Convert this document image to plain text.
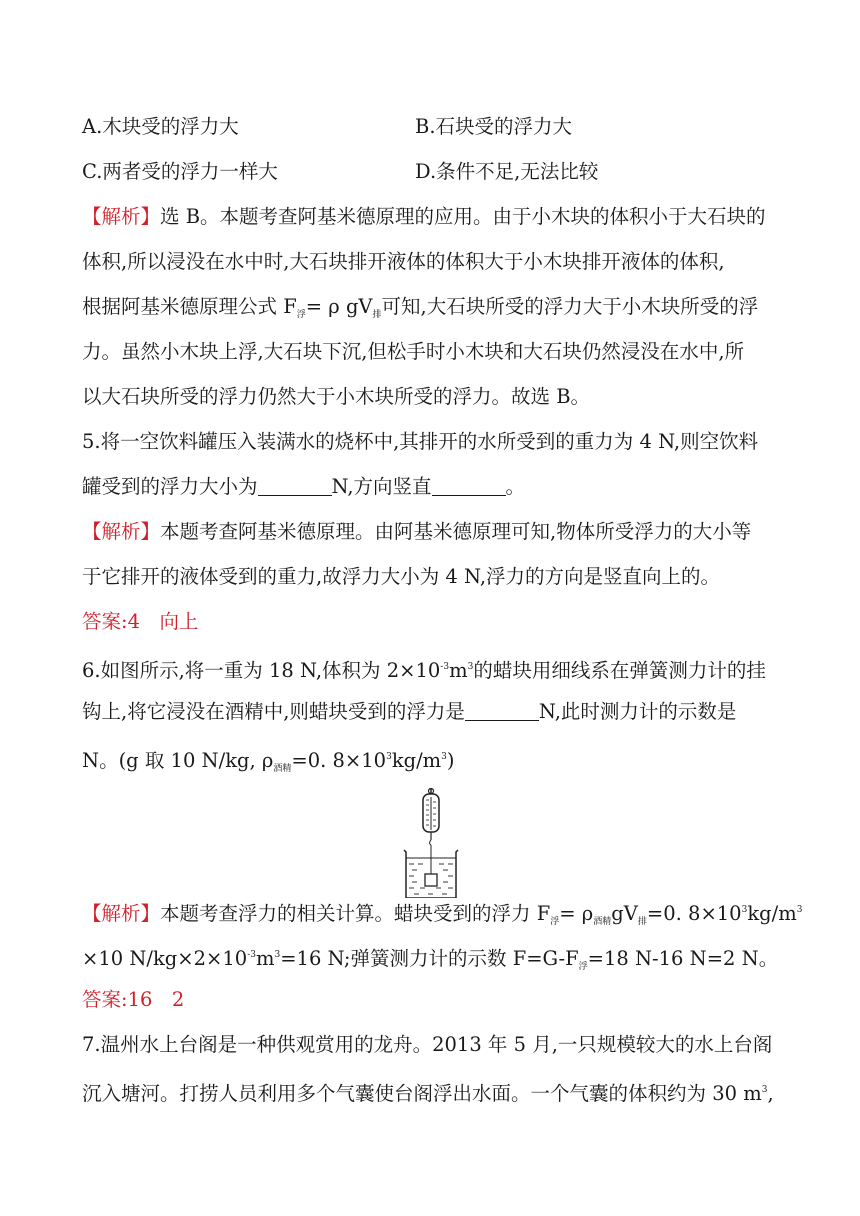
A.木块受的浮力大	B.石块受的浮力大
C.两者受的浮力一样大	D.条件不足,无法比较
【解析】选 B。本题考查阿基米德原理的应用。由于小木块的体积小于大石块的
体积,所以浸没在水中时,大石块排开液体的体积大于小木块排开液体的体积,
根据阿基米德原理公式 $F_浮= \rho$ $gV_排$可知,大石块所受的浮力大于小木块所受的浮
力。虽然小木块上浮,大石块下沉,但松手时小木块和大石块仍然浸没在水中,所
以大石块所受的浮力仍然大于小木块所受的浮力。故选 B。
5.将一空饮料罐压入装满水的烧杯中,其排开的水所受到的重力为 4 N,则空饮料
罐受到的浮力大小为	N,方向竖直	。
【解析】本题考查阿基米德原理。由阿基米德原理可知,物体所受浮力的大小等
于它排开的液体受到的重力,故浮力大小为 4 N,浮力的方向是竖直向上的。
答案:4　向上
6.如图所示,将一重为 18 N,体积为 $2\times 10^{-3}m^3$的蜡块用细线系在弹簧测力计的挂
钩上,将它浸没在酒精中,则蜡块受到的浮力是	N,此时测力计的示数是
N。(g 取 10 N/kg, $\rho_{酒精}=0$. $8\times 10^3kg/m^3$)
【解析】本题考查浮力的相关计算。蜡块受到的浮力 $F_浮= \rho_{酒精}gV_排=0$. $8\times 10^3kg/m^3$
×10 $N/kg\times 2\times 10^{-3}m^3=16$ N;弹簧测力计的示数 $F=G-F_浮=18$ N-16 N=2 N。
答案:16　2
7.温州水上台阁是一种供观赏用的龙舟。2013 年 5 月,一只规模较大的水上台阁
沉入塘河。打捞人员利用多个气囊使台阁浮出水面。一个气囊的体积约为 30 $m^3$,
